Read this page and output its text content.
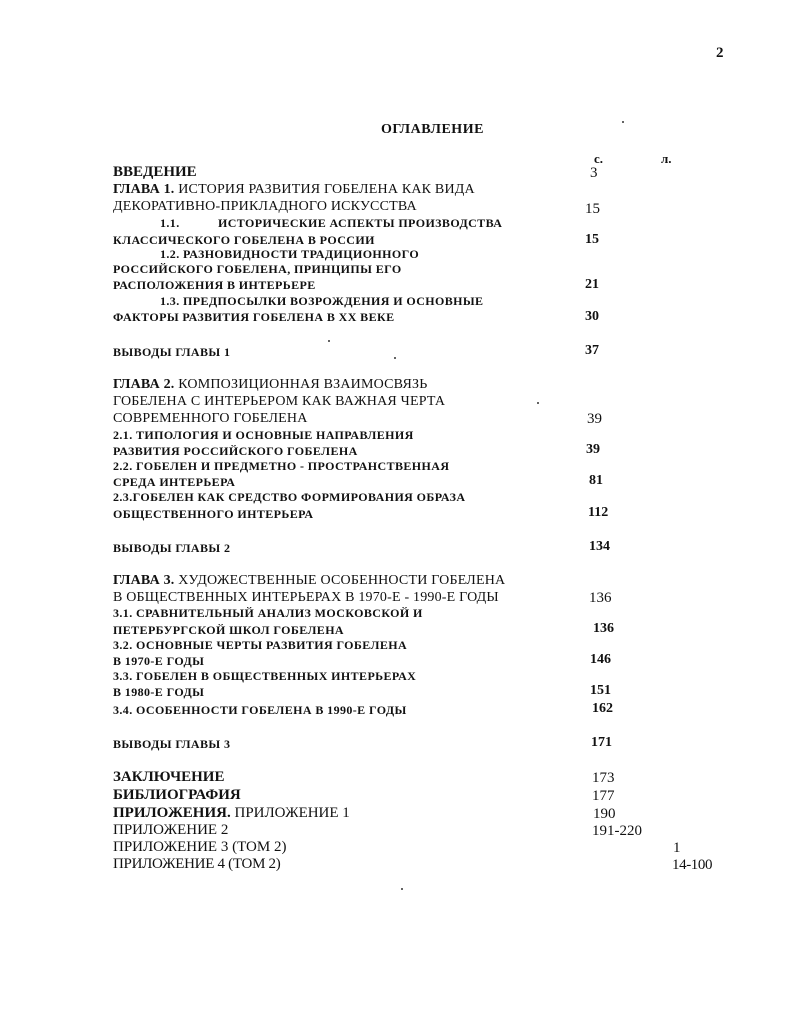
2
ОГЛАВЛЕНИЕ
с.	л.
ВВЕДЕНИЕ	3
ГЛАВА 1. ИСТОРИЯ РАЗВИТИЯ ГОБЕЛЕНА КАК ВИДА
ДЕКОРАТИВНО-ПРИКЛАДНОГО ИСКУССТВА	15
1.1.	ИСТОРИЧЕСКИЕ АСПЕКТЫ ПРОИЗВОДСТВА
КЛАССИЧЕСКОГО ГОБЕЛЕНА В РОССИИ	15
1.2. РАЗНОВИДНОСТИ ТРАДИЦИОННОГО
РОССИЙСКОГО ГОБЕЛЕНА, ПРИНЦИПЫ ЕГО
РАСПОЛОЖЕНИЯ В ИНТЕРЬЕРЕ	21
1.3. ПРЕДПОСЫЛКИ ВОЗРОЖДЕНИЯ И ОСНОВНЫЕ
ФАКТОРЫ РАЗВИТИЯ ГОБЕЛЕНА В XX ВЕКЕ	30
ВЫВОДЫ ГЛАВЫ 1	37
ГЛАВА 2. КОМПОЗИЦИОННАЯ ВЗАИМОСВЯЗЬ
ГОБЕЛЕНА С ИНТЕРЬЕРОМ КАК ВАЖНАЯ ЧЕРТА
СОВРЕМЕННОГО ГОБЕЛЕНА	39
2.1. ТИПОЛОГИЯ И ОСНОВНЫЕ НАПРАВЛЕНИЯ
РАЗВИТИЯ РОССИЙСКОГО ГОБЕЛЕНА	39
2.2. ГОБЕЛЕН И ПРЕДМЕТНО - ПРОСТРАНСТВЕННАЯ
СРЕДА ИНТЕРЬЕРА	81
2.3.ГОБЕЛЕН КАК СРЕДСТВО ФОРМИРОВАНИЯ ОБРАЗА
ОБЩЕСТВЕННОГО ИНТЕРЬЕРА	112
ВЫВОДЫ ГЛАВЫ 2	134
ГЛАВА 3. ХУДОЖЕСТВЕННЫЕ ОСОБЕННОСТИ ГОБЕЛЕНА
В ОБЩЕСТВЕННЫХ ИНТЕРЬЕРАХ В 1970-Е - 1990-Е ГОДЫ	136
3.1. СРАВНИТЕЛЬНЫЙ АНАЛИЗ МОСКОВСКОЙ И
ПЕТЕРБУРГСКОЙ ШКОЛ ГОБЕЛЕНА	136
3.2. ОСНОВНЫЕ ЧЕРТЫ РАЗВИТИЯ ГОБЕЛЕНА
В 1970-Е ГОДЫ	146
3.3. ГОБЕЛЕН В ОБЩЕСТВЕННЫХ ИНТЕРЬЕРАХ
В 1980-Е ГОДЫ	151
3.4. ОСОБЕННОСТИ ГОБЕЛЕНА В 1990-Е ГОДЫ	162
ВЫВОДЫ ГЛАВЫ 3	171
ЗАКЛЮЧЕНИЕ	173
БИБЛИОГРАФИЯ	177
ПРИЛОЖЕНИЯ. ПРИЛОЖЕНИЕ 1	190
ПРИЛОЖЕНИЕ 2	191-220
ПРИЛОЖЕНИЕ 3 (ТОМ 2)	1
ПРИЛОЖЕНИЕ 4 (ТОМ 2)	14-100
